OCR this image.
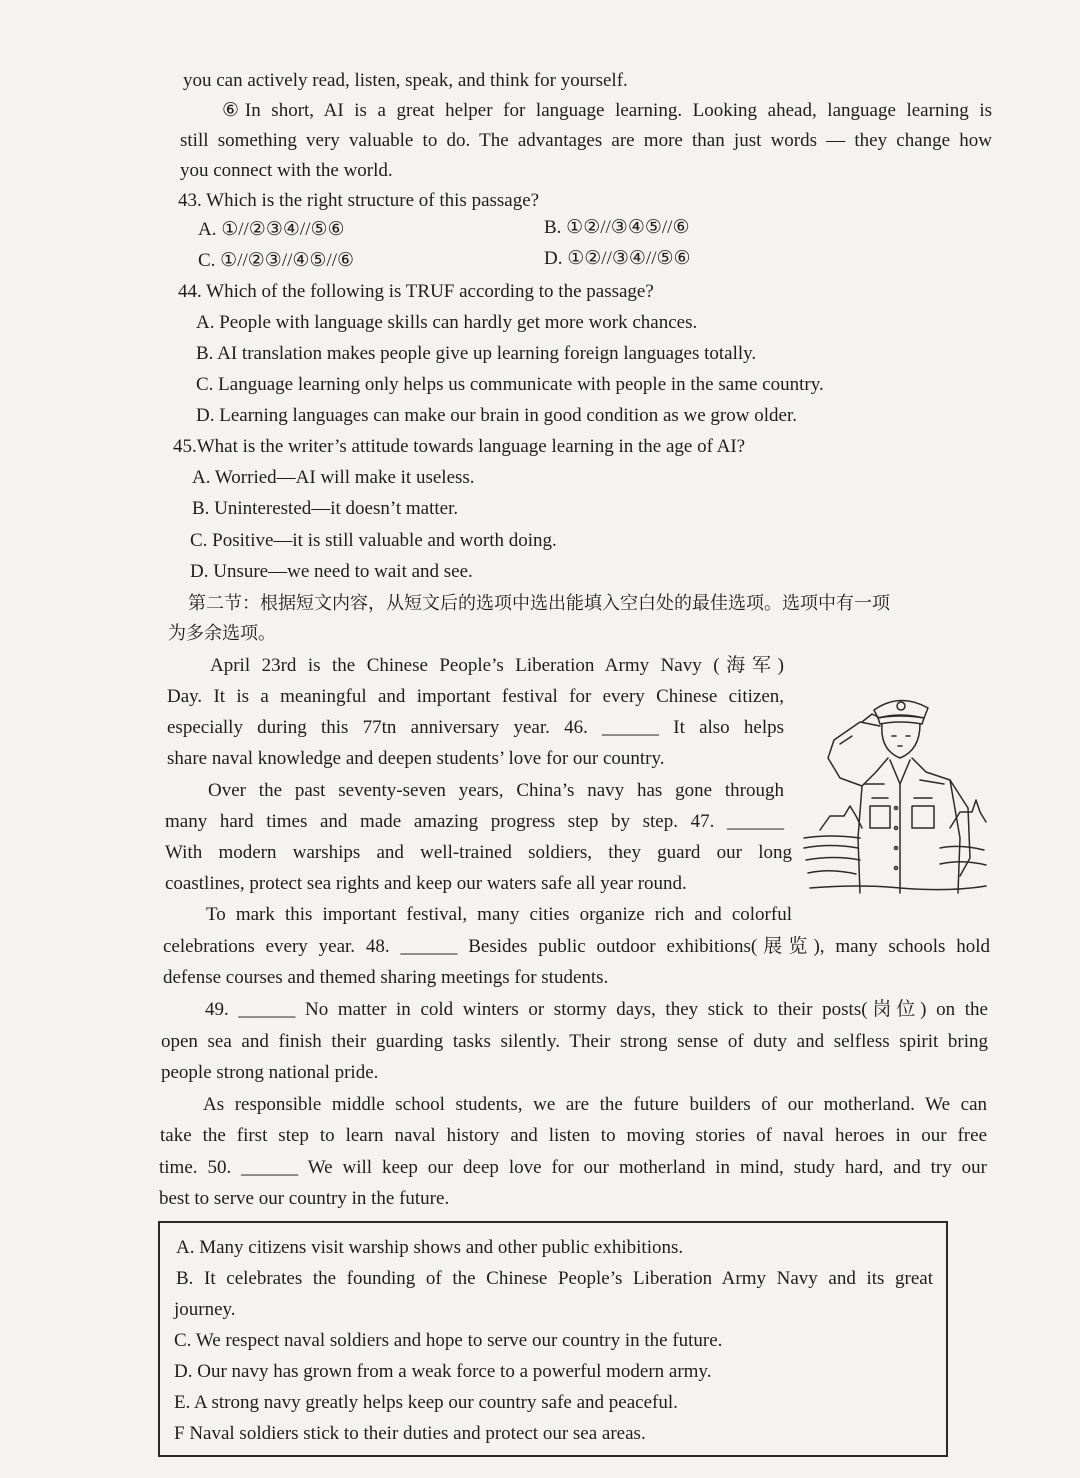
you can actively read, listen, speak, and think for yourself.
⑥In short, AI is a great helper for language learning. Looking ahead, language learning is
still something very valuable to do. The advantages are more than just words — they change how
you connect with the world.
43. Which is the right structure of this passage?
A. ①//②③④//⑤⑥	B. ①②//③④⑤//⑥
C. ①//②③//④⑤//⑥	D. ①②//③④//⑤⑥
44. Which of the following is TRUF according to the passage?
A. People with language skills can hardly get more work chances.
B. AI translation makes people give up learning foreign languages totally.
C. Language learning only helps us communicate with people in the same country.
D. Learning languages can make our brain in good condition as we grow older.
45.What is the writer’s attitude towards language learning in the age of AI?
A. Worried—AI will make it useless.
B. Uninterested—it doesn’t matter.
C. Positive—it is still valuable and worth doing.
D. Unsure—we need to wait and see.
第二节：根据短文内容，从短文后的选项中选出能填入空白处的最佳选项。选项中有一项
为多余选项。
April 23rd is the Chinese People’s Liberation Army Navy (海军)
Day. It is a meaningful and important festival for every Chinese citizen,
especially during this 77tn anniversary year. 46. ______ It also helps
share naval knowledge and deepen students’ love for our country.
Over the past seventy-seven years, China’s navy has gone through
many hard times and made amazing progress step by step. 47. ______
With modern warships and well-trained soldiers, they guard our long
coastlines, protect sea rights and keep our waters safe all year round.
To mark this important festival, many cities organize rich and colorful
celebrations every year. 48. ______ Besides public outdoor exhibitions(展览), many schools hold
defense courses and themed sharing meetings for students.
49. ______ No matter in cold winters or stormy days, they stick to their posts(岗位) on the
open sea and finish their guarding tasks silently. Their strong sense of duty and selfless spirit bring
people strong national pride.
As responsible middle school students, we are the future builders of our motherland. We can
take the first step to learn naval history and listen to moving stories of naval heroes in our free
time. 50. ______ We will keep our deep love for our motherland in mind, study hard, and try our
best to serve our country in the future.
A. Many citizens visit warship shows and other public exhibitions.
B. It celebrates the founding of the Chinese People’s Liberation Army Navy and its great
journey.
C. We respect naval soldiers and hope to serve our country in the future.
D. Our navy has grown from a weak force to a powerful modern army.
E. A strong navy greatly helps keep our country safe and peaceful.
F Naval soldiers stick to their duties and protect our sea areas.
